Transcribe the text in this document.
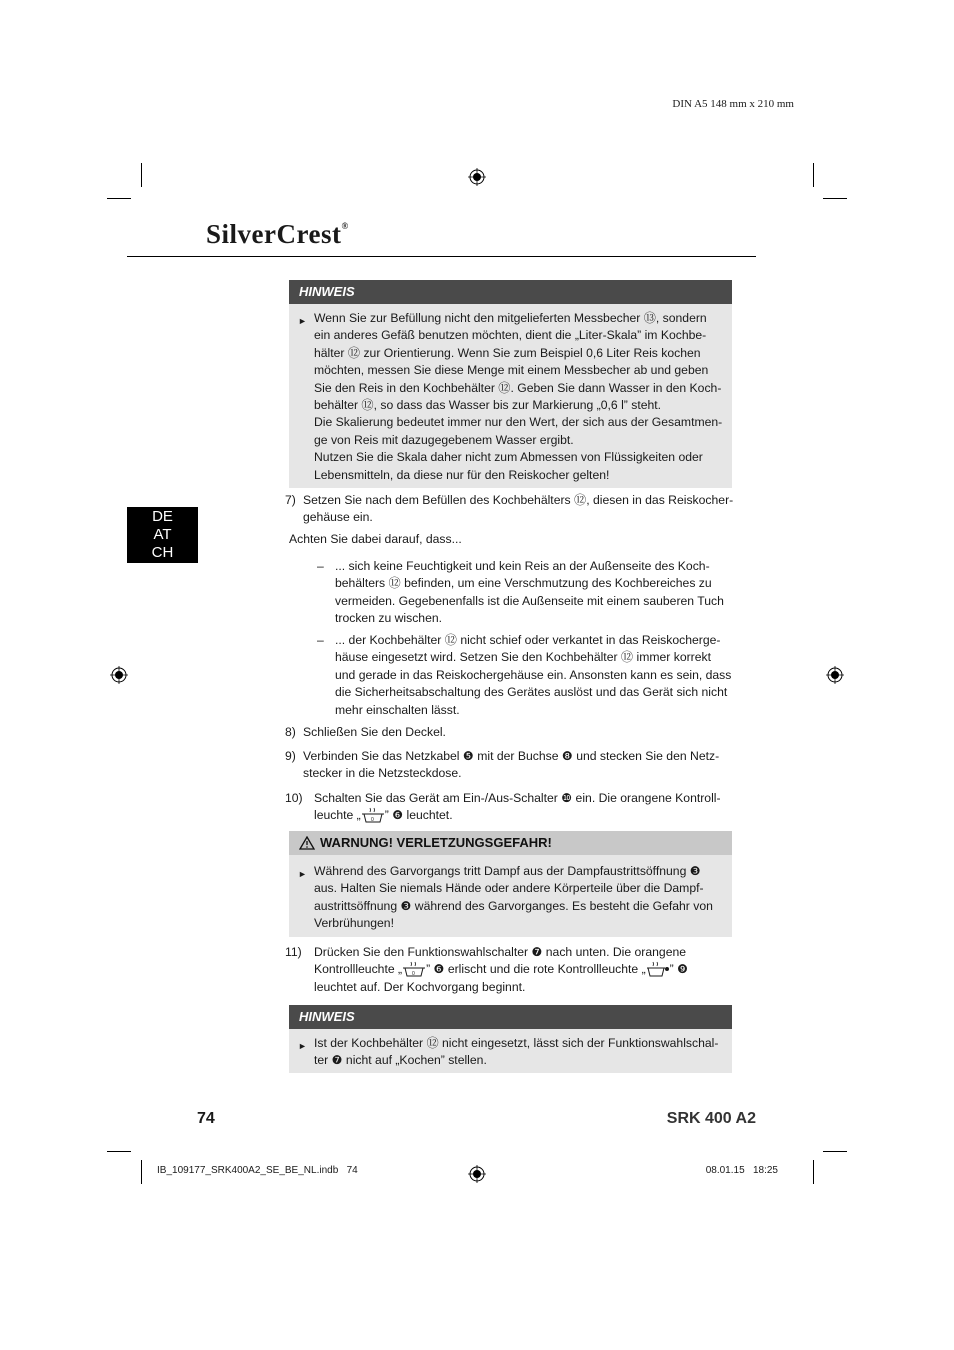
DIN A5 148 mm x 210 mm
SilverCrest®
DE
AT
CH
HINWEIS
► Wenn Sie zur Befüllung nicht den mitgelieferten Messbecher ⑬, sondern
ein anderes Gefäß benutzen möchten, dient die „Liter-Skala” im Kochbe-
hälter ⑫ zur Orientierung. Wenn Sie zum Beispiel 0,6 Liter Reis kochen
möchten, messen Sie diese Menge mit einem Messbecher ab und geben
Sie den Reis in den Kochbehälter ⑫. Geben Sie dann Wasser in den Koch-
behälter ⑫, so dass das Wasser bis zur Markierung „0,6 l” steht.
Die Skalierung bedeutet immer nur den Wert, der sich aus der Gesamtmen-
ge von Reis mit dazugegebenem Wasser ergibt.
Nutzen Sie die Skala daher nicht zum Abmessen von Flüssigkeiten oder
Lebensmitteln, da diese nur für den Reiskocher gelten!
7) Setzen Sie nach dem Befüllen des Kochbehälters ⑫, diesen in das Reiskocher-
gehäuse ein.
Achten Sie dabei darauf, dass...
– ... sich keine Feuchtigkeit und kein Reis an der Außenseite des Koch-
behälters ⑫ befinden, um eine Verschmutzung des Kochbereiches zu
vermeiden. Gegebenenfalls ist die Außenseite mit einem sauberen Tuch
trocken zu wischen.
– ... der Kochbehälter ⑫ nicht schief oder verkantet in das Reiskocherge-
häuse eingesetzt wird. Setzen Sie den Kochbehälter ⑫ immer korrekt
und gerade in das Reiskochergehäuse ein. Ansonsten kann es sein, dass
die Sicherheitsabschaltung des Gerätes auslöst und das Gerät sich nicht
mehr einschalten lässt.
8) Schließen Sie den Deckel.
9) Verbinden Sie das Netzkabel ❺ mit der Buchse ❽ und stecken Sie den Netz-
stecker in die Netzsteckdose.
10) Schalten Sie das Gerät am Ein-/Aus-Schalter ❿ ein. Die orangene Kontroll-
leuchte „ 0 ” ❻ leuchtet.
WARNUNG! VERLETZUNGSGEFAHR!
► Während des Garvorgangs tritt Dampf aus der Dampfaustrittsöffnung ❸
aus. Halten Sie niemals Hände oder andere Körperteile über die Dampf-
austrittsöffnung ❸ während des Garvorganges. Es besteht die Gefahr von
Verbrühungen!
11) Drücken Sie den Funktionswahlschalter ❼ nach unten. Die orangene
Kontrollleuchte „ 0 ” ❻ erlischt und die rote Kontrollleuchte „ ” ❾
leuchtet auf. Der Kochvorgang beginnt.
HINWEIS
► Ist der Kochbehälter ⑫ nicht eingesetzt, lässt sich der Funktionswahlschal-
ter ❼ nicht auf „Kochen” stellen.
74	SRK 400 A2
IB_109177_SRK400A2_SE_BE_NL.indb   74	08.01.15   18:25
